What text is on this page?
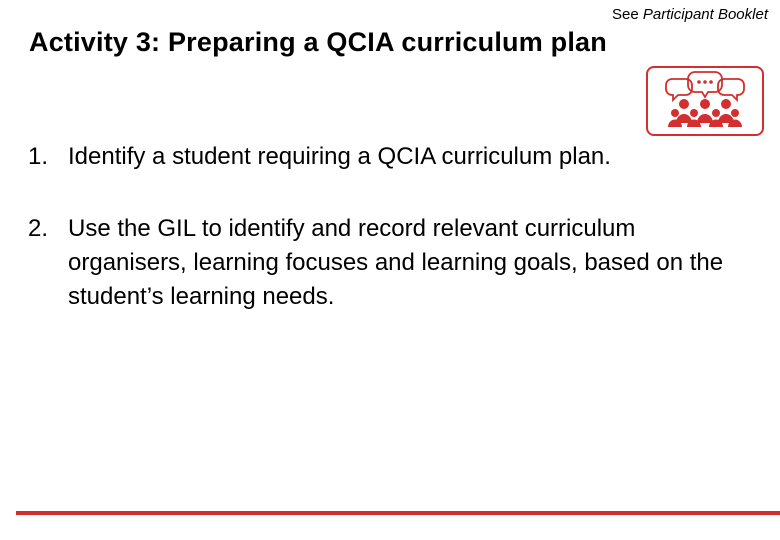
See Participant Booklet
Activity 3: Preparing a QCIA curriculum plan
1. Identify a student requiring a QCIA curriculum plan.
2. Use the GIL to identify and record relevant curriculum organisers, learning focuses and learning goals, based on the student’s learning needs.
